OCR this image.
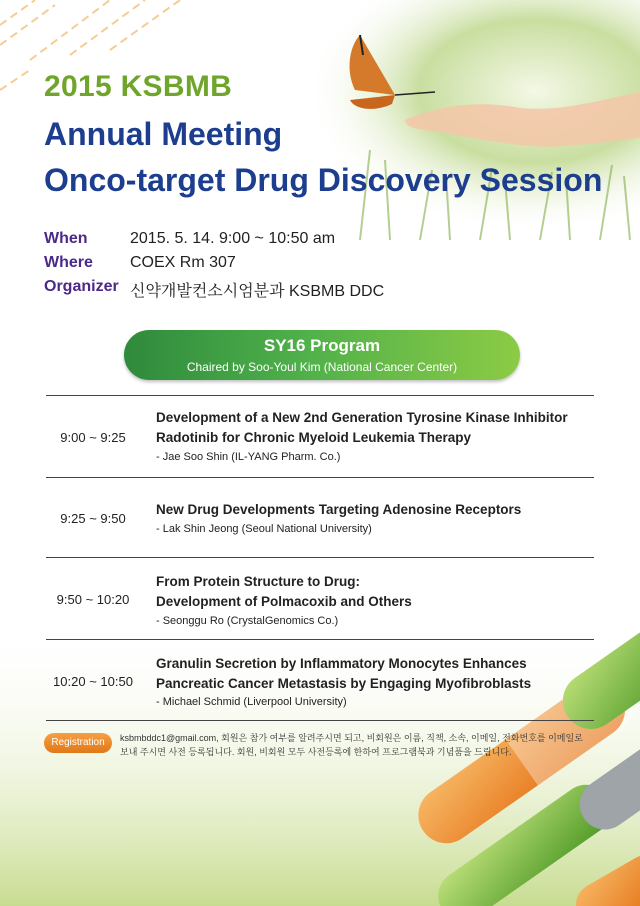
2015 KSBMB
Annual Meeting
Onco-target Drug Discovery Session
When	2015. 5. 14. 9:00 ~ 10:50 am
Where COEX Rm 307
Organizer 신약개발컨소시엄분과 KSBMB DDC
SY16 Program
Chaired by Soo-Youl Kim (National Cancer Center)
9:00 ~ 9:25
Development of a New 2nd Generation Tyrosine Kinase Inhibitor
Radotinib for Chronic Myeloid Leukemia Therapy
- Jae Soo Shin (IL-YANG Pharm. Co.)
9:25 ~ 9:50
New Drug Developments Targeting Adenosine Receptors
- Lak Shin Jeong (Seoul National University)
9:50 ~ 10:20
From Protein Structure to Drug:
Development of Polmacoxib and Others
- Seonggu Ro (CrystalGenomics Co.)
10:20 ~ 10:50
Granulin Secretion by Inflammatory Monocytes Enhances
Pancreatic Cancer Metastasis by Engaging Myofibroblasts
- Michael Schmid (Liverpool University)
Registration	ksbmbddc1@gmail.com, 회원은 참가 여부를 알려주시면 되고, 비회원은 이름, 직책, 소속, 이메일, 전화번호를 이메일로 보내 주시면 사전 등록됩니다. 회원, 비회원 모두 사전등록에 한하여 프로그램북과 기념품을 드립니다.
